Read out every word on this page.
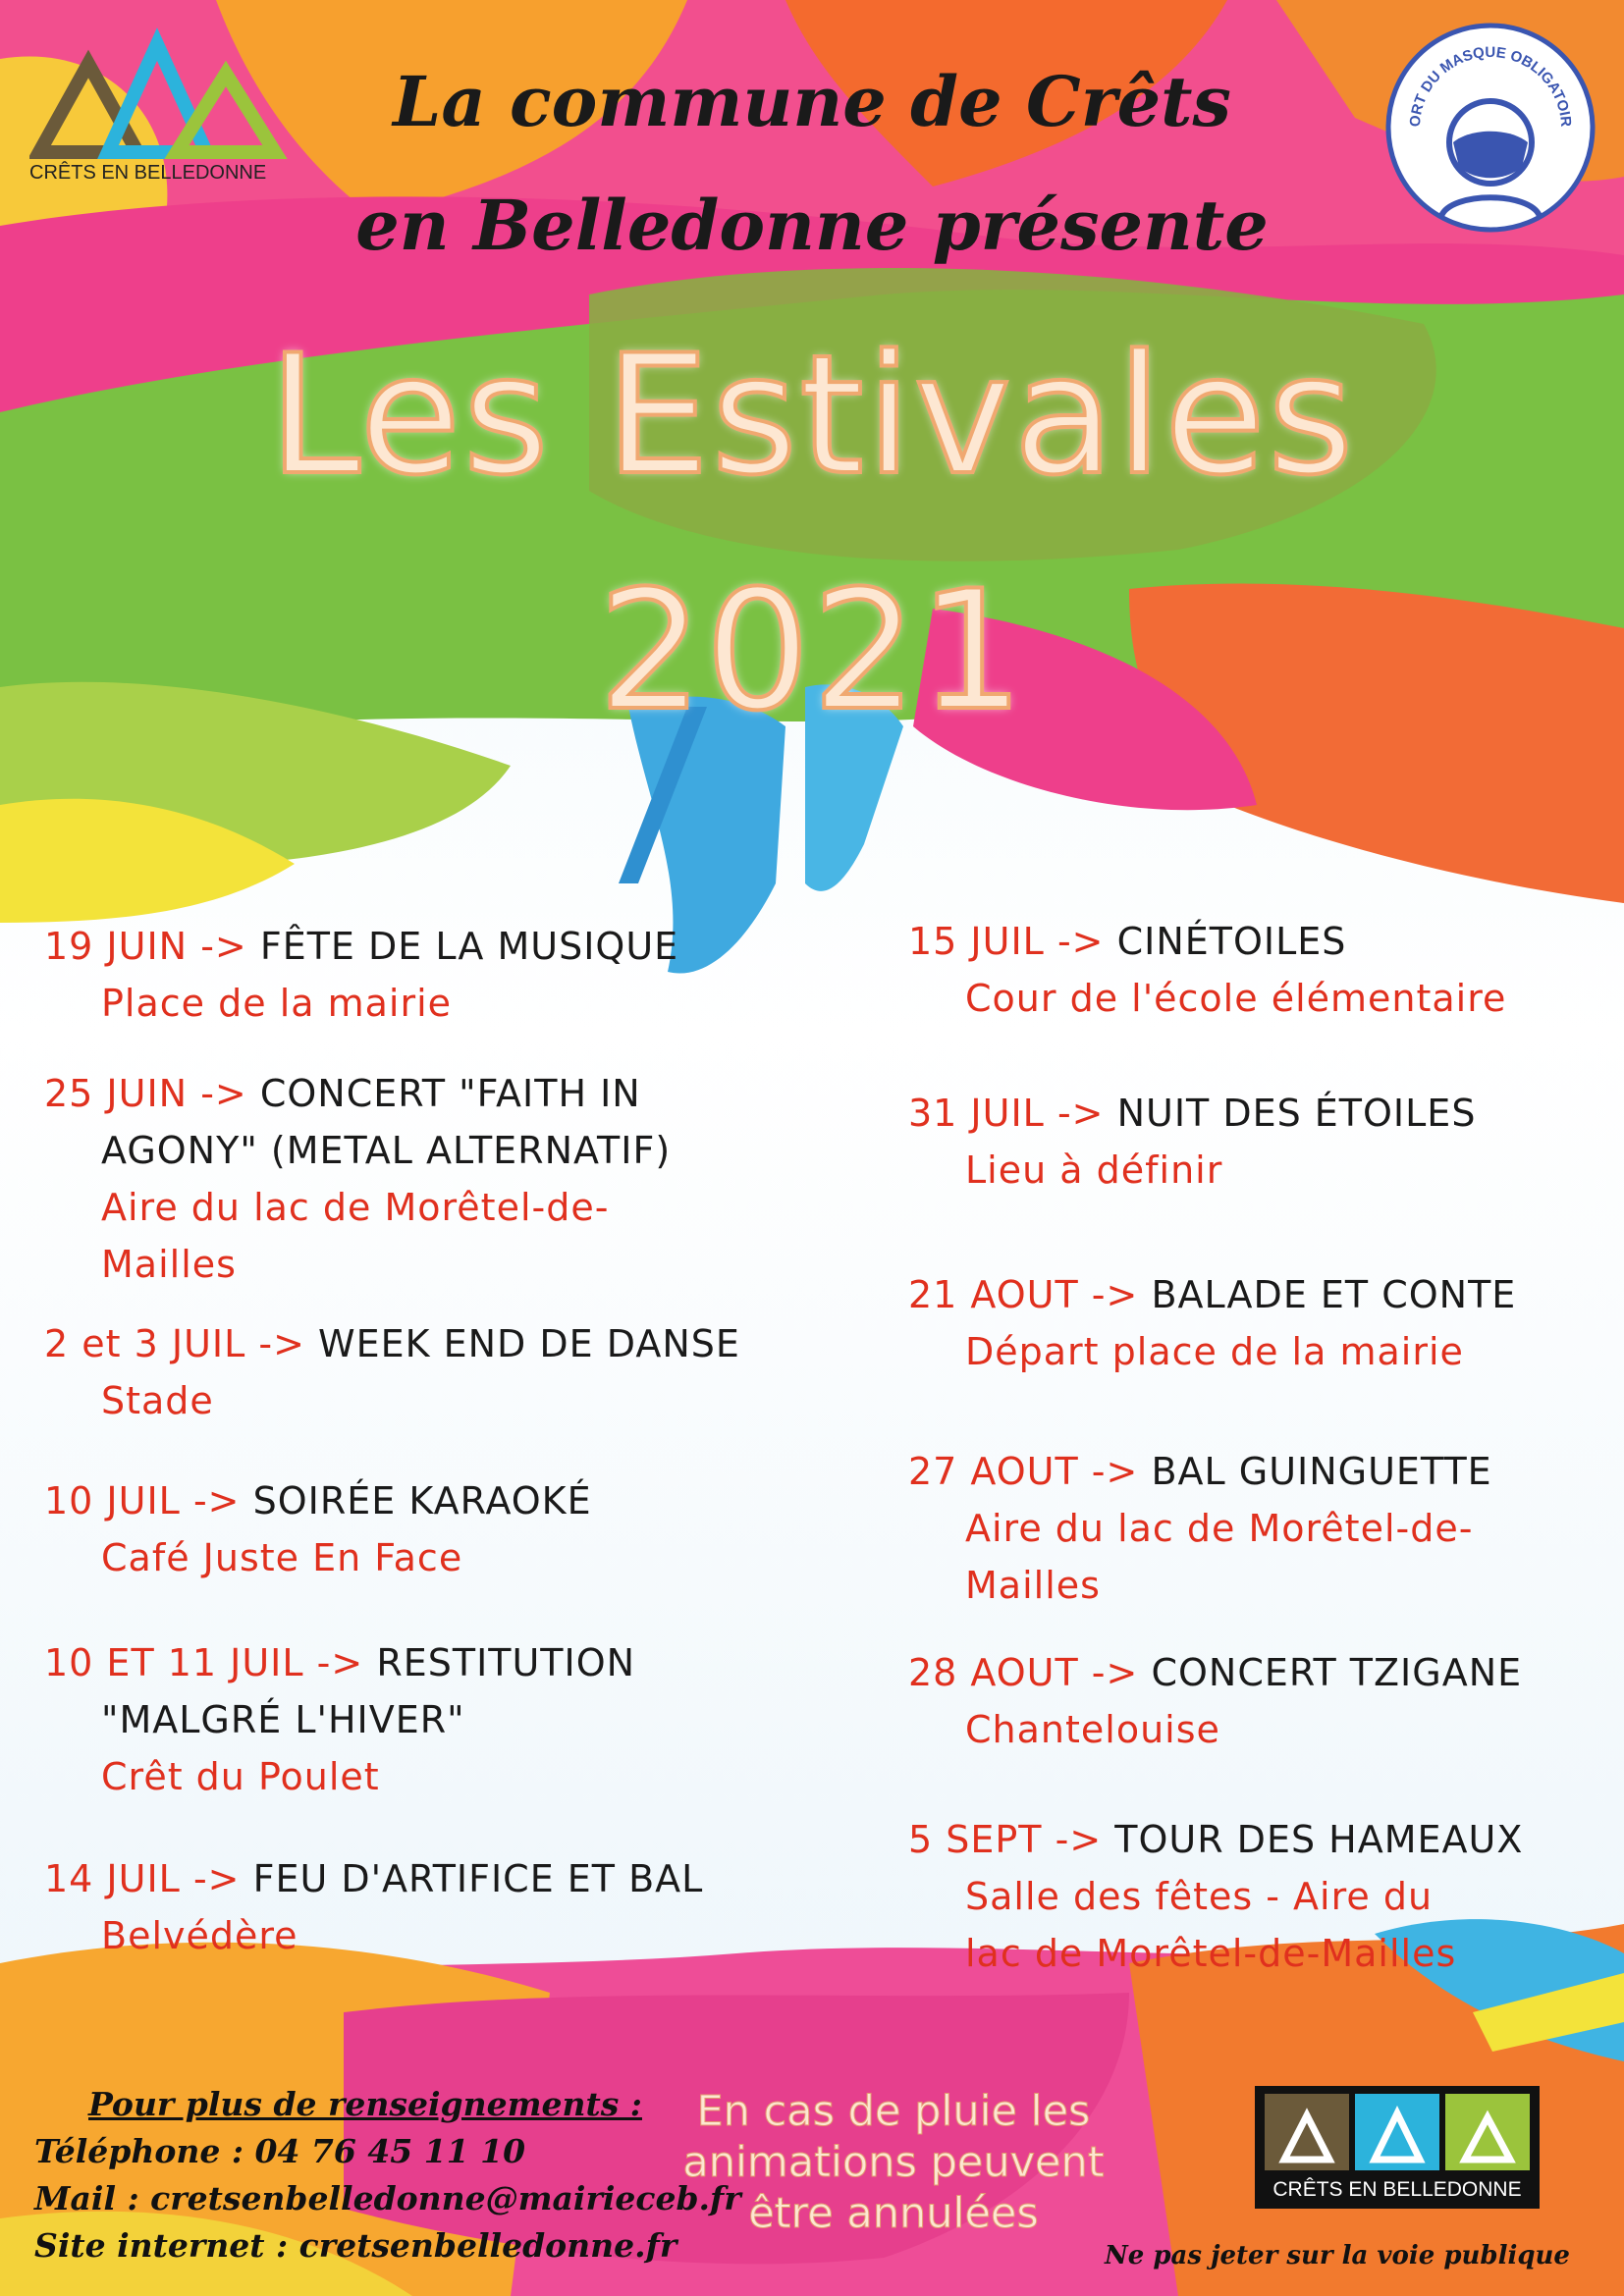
CRÊTS EN BELLEDONNE
ORT DU MASQUE OBLIGATOIR
La commune de Crêts
en Belledonne présente
Les Estivales
2021
19 JUIN -> FÊTE DE LA MUSIQUE
Place de la mairie
25 JUIN -> CONCERT "FAITH IN
AGONY" (METAL ALTERNATIF)
Aire du lac de Morêtel-de-
Mailles
2 et 3 JUIL -> WEEK END DE DANSE
Stade
10 JUIL -> SOIRÉE KARAOKÉ
Café Juste En Face
10 ET 11 JUIL -> RESTITUTION
"MALGRÉ L'HIVER"
Crêt du Poulet
14 JUIL -> FEU D'ARTIFICE ET BAL
Belvédère
15 JUIL -> CINÉTOILES
Cour de l'école élémentaire
31 JUIL -> NUIT DES ÉTOILES
Lieu à définir
21 AOUT -> BALADE ET CONTE
Départ place de la mairie
27 AOUT -> BAL GUINGUETTE
Aire du lac de Morêtel-de-
Mailles
28 AOUT -> CONCERT TZIGANE
Chantelouise
5 SEPT -> TOUR DES HAMEAUX
Salle des fêtes - Aire du
lac de Morêtel-de-Mailles
Pour plus de renseignements :
Téléphone : 04 76 45 11 10
Mail : cretsenbelledonne@mairieceb.fr
Site internet : cretsenbelledonne.fr
En cas de pluie les
animations peuvent
être annulées	CRÊTS EN BELLEDONNE
Ne pas jeter sur la voie publique
